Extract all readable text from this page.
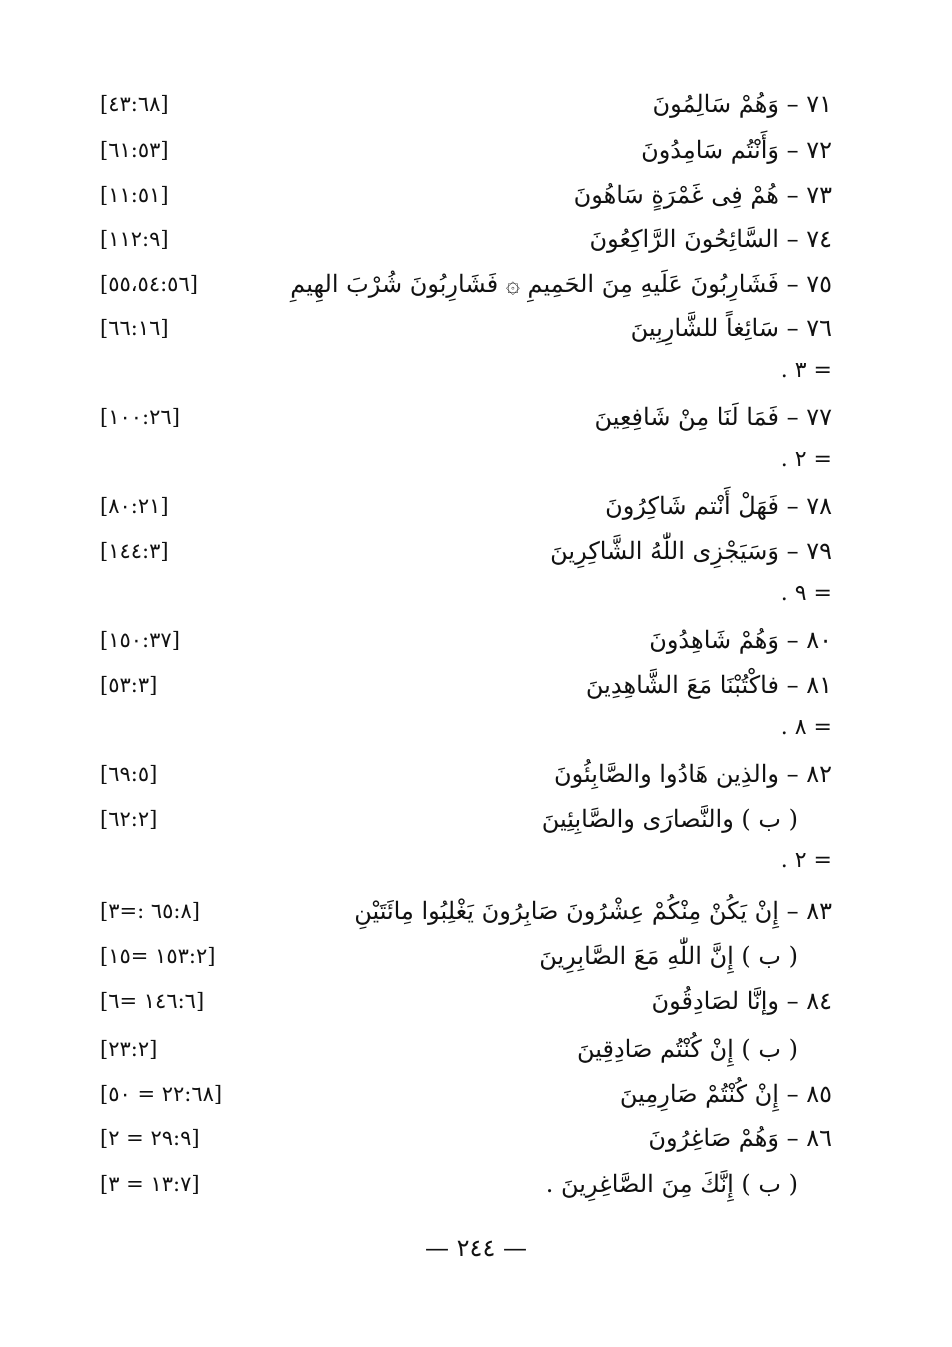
[٤٣:٦٨]	٧١ – وَهُمْ سَالِمُونَ
[٦١:٥٣]	٧٢ – وَأَنْتُم سَامِدُونَ
[١١:٥١]	٧٣ – هُمْ فِى غَمْرَةٍ سَاهُونَ
[١١٢:٩]	٧٤ – السَّائِحُونَ الرَّاكِعُونَ
[٥٥،٥٤:٥٦]	٧٥ – فَشَارِبُونَ عَلَيهِ مِنَ الحَمِيمِ ۞ فَشَارِبُونَ شُرْبَ الهِيمِ
[٦٦:١٦]	٧٦ – سَائِغاً للشَّارِبِينَ
= ٣ .
[١٠٠:٢٦]	٧٧ – فَمَا لَنَا مِنْ شَافِعِينَ
= ٢ .
[٨٠:٢١]	٧٨ – فَهَلْ أَنْتم شَاكِرُونَ
[١٤٤:٣]	٧٩ – وَسَيَجْزِى اللّٰهُ الشَّاكِرِينَ
= ٩ .
[١٥٠:٣٧]	٨٠ – وَهُمْ شَاهِدُونَ
[٥٣:٣]	٨١ – فاكْتُبْنَا مَعَ الشَّاهِدِينَ
= ٨ .
[٦٩:٥]	٨٢ – والذِين هَادُوا والصَّابِئُونَ
[٦٢:٢]	( ب ) والنَّصارَى والصَّابِئِينَ
= ٢ .
[٦٥:٨ :=٣]	٨٣ – إِنْ يَكُنْ مِنْكُمْ عِشْرُونَ صَابِرُونَ يَغْلِبُوا مِائَتَيْنِ
[١٥٣:٢ =١٥]	( ب ) إِنَّ اللّٰهِ مَعَ الصَّابِرِينَ
[١٤٦:٦ =٦]	٨٤ – وإنَّا لصَادِقُونَ
[٢٣:٢]	( ب ) إِنْ كُنْتُم صَادِقِينَ
[٢٢:٦٨ = ٥٠]	٨٥ – إِنْ كُنْتُمْ صَارِمِينَ
[٢٩:٩ = ٢]	٨٦ – وَهُمْ صَاغِرُونَ
[١٣:٧ = ٣]	( ب ) إِنَّكَ مِنَ الصَّاغِرِينَ .
— ٢٤٤ —
